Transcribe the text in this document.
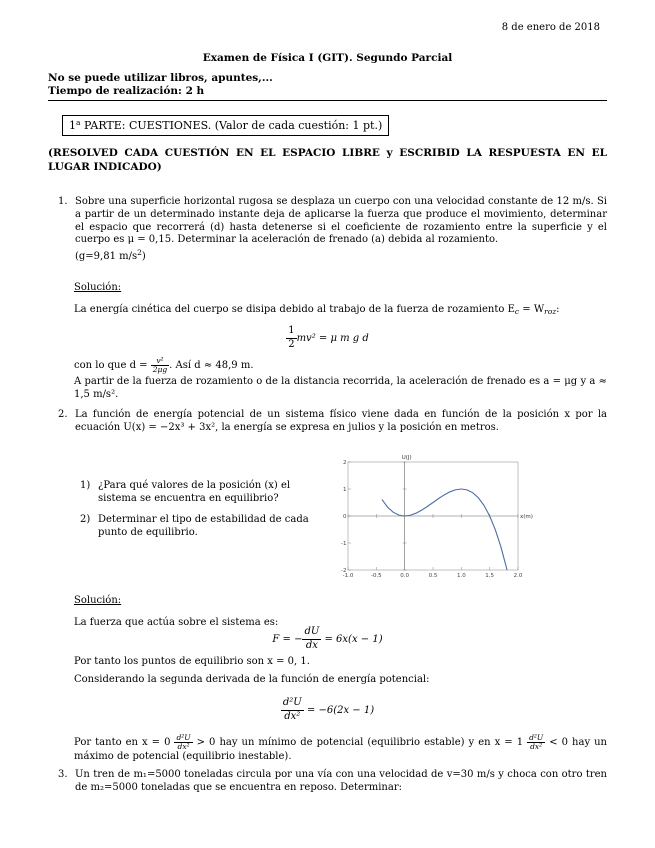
8 de enero de 2018
Examen de Física I (GIT). Segundo Parcial
No se puede utilizar libros, apuntes,...
Tiempo de realización: 2 h
1$^a$ PARTE: CUESTIONES. (Valor de cada cuestión: 1 pt.)
(RESOLVED CADA CUESTIÓN EN EL ESPACIO LIBRE y ESCRIBID LA RESPUESTA EN EL LUGAR INDICADO)
1. Sobre una superficie horizontal rugosa se desplaza un cuerpo con una velocidad constante de 12 m/s. Si a partir de un determinado instante deja de aplicarse la fuerza que produce el movimiento, determinar el espacio que recorrerá (d) hasta detenerse si el coeficiente de rozamiento entre la superficie y el cuerpo es μ = 0,15. Determinar la aceleración de frenado (a) debida al rozamiento.
(g=9,81 $m/s^2$)
Solución:
La energía cinética del cuerpo se disipa debido al trabajo de la fuerza de rozamiento $E_c = W_{roz}$:
$\frac{1}{2} mv^2 = \mu$ m g d
con lo que $d = \frac{\text{v²}}{2\mu g}$ . Así d ≈ 48,9 m.
A partir de la fuerza de rozamiento o de la distancia recorrida, la aceleración de frenado es a = μg y a ≈ 1,5 m/s².
2. La función de energía potencial de un sistema físico viene dada en función de la posición x por la ecuación U(x) = −2x³ + 3x², la energía se expresa en julios y la posición en metros.
1) ¿Para qué valores de la posición (x) el sistema se encuentra en equilibrio?
2) Determinar el tipo de estabilidad de cada punto de equilibrio.
-1.0	-0.5	0.0	0.5	1.0	1.5	2.0
-2
-1
0
1
2
U(J)
x(m)
Solución:
La fuerza que actúa sobre el sistema es:
F = − $\frac{dU}{dx} = 6x(x - 1)$
Por tanto los puntos de equilibrio son x = 0, 1.
Considerando la segunda derivada de la función de energía potencial:
$\frac{\text{d²U}}{\text{dx²}} = -6(2x - 1)$
Por tanto en $x = 0 \frac{\text{d²U}}{\text{dx²}} > 0$ hay un mínimo de potencial (equilibrio estable) y en $x = 1 \frac{\text{d²U}}{\text{dx²}} < 0$ hay un máximo de potencial (equilibrio inestable).
3. Un tren de m₁=5000 toneladas circula por una vía con una velocidad de v=30 m/s y choca con otro tren de m₂=5000 toneladas que se encuentra en reposo. Determinar:
